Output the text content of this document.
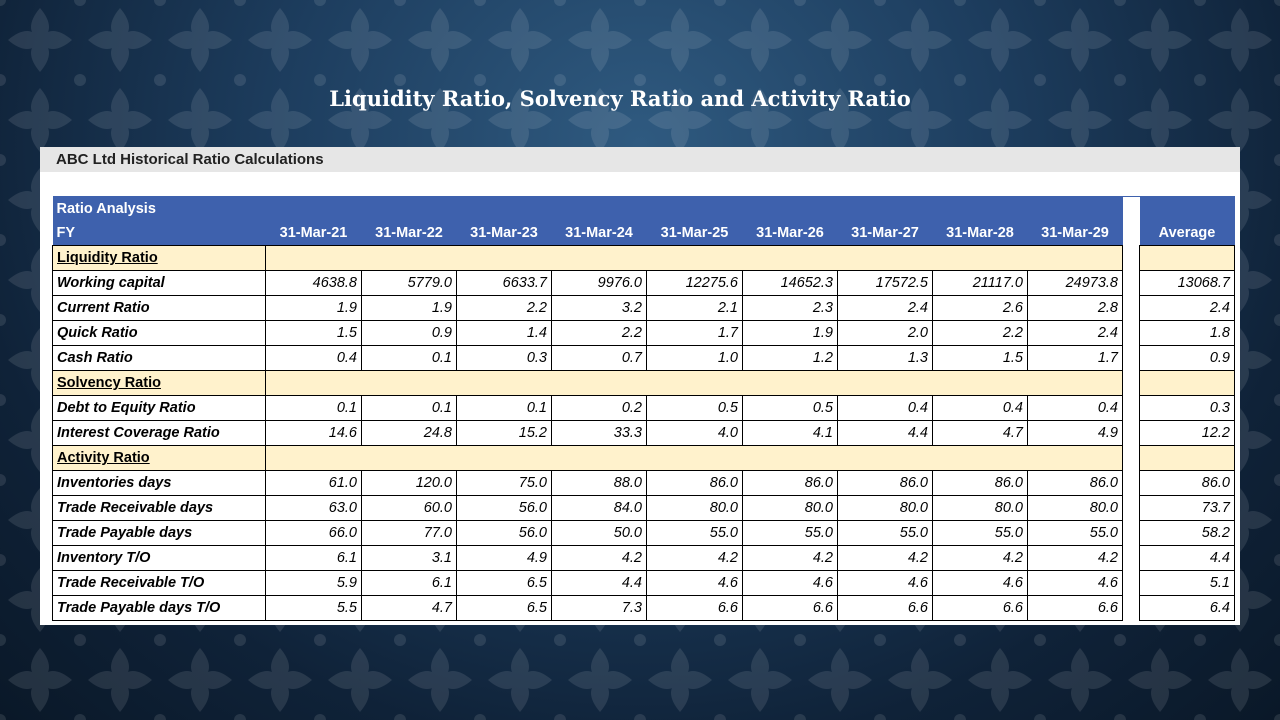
Liquidity Ratio, Solvency Ratio and Activity Ratio
ABC Ltd Historical Ratio Calculations
Ratio Analysis											
FY	31-Mar-21	31-Mar-22	31-Mar-23	31-Mar-24	31-Mar-25	31-Mar-26	31-Mar-27	31-Mar-28	31-Mar-29		Average
Liquidity Ratio											
Working capital	4638.8	5779.0	6633.7	9976.0	12275.6	14652.3	17572.5	21117.0	24973.8		13068.7
Current Ratio	1.9	1.9	2.2	3.2	2.1	2.3	2.4	2.6	2.8		2.4
Quick Ratio	1.5	0.9	1.4	2.2	1.7	1.9	2.0	2.2	2.4		1.8
Cash Ratio	0.4	0.1	0.3	0.7	1.0	1.2	1.3	1.5	1.7		0.9
Solvency Ratio											
Debt to Equity Ratio	0.1	0.1	0.1	0.2	0.5	0.5	0.4	0.4	0.4		0.3
Interest Coverage Ratio	14.6	24.8	15.2	33.3	4.0	4.1	4.4	4.7	4.9		12.2
Activity Ratio											
Inventories days	61.0	120.0	75.0	88.0	86.0	86.0	86.0	86.0	86.0		86.0
Trade Receivable days	63.0	60.0	56.0	84.0	80.0	80.0	80.0	80.0	80.0		73.7
Trade Payable days	66.0	77.0	56.0	50.0	55.0	55.0	55.0	55.0	55.0		58.2
Inventory T/O	6.1	3.1	4.9	4.2	4.2	4.2	4.2	4.2	4.2		4.4
Trade Receivable T/O	5.9	6.1	6.5	4.4	4.6	4.6	4.6	4.6	4.6		5.1
Trade Payable days T/O	5.5	4.7	6.5	7.3	6.6	6.6	6.6	6.6	6.6		6.4
